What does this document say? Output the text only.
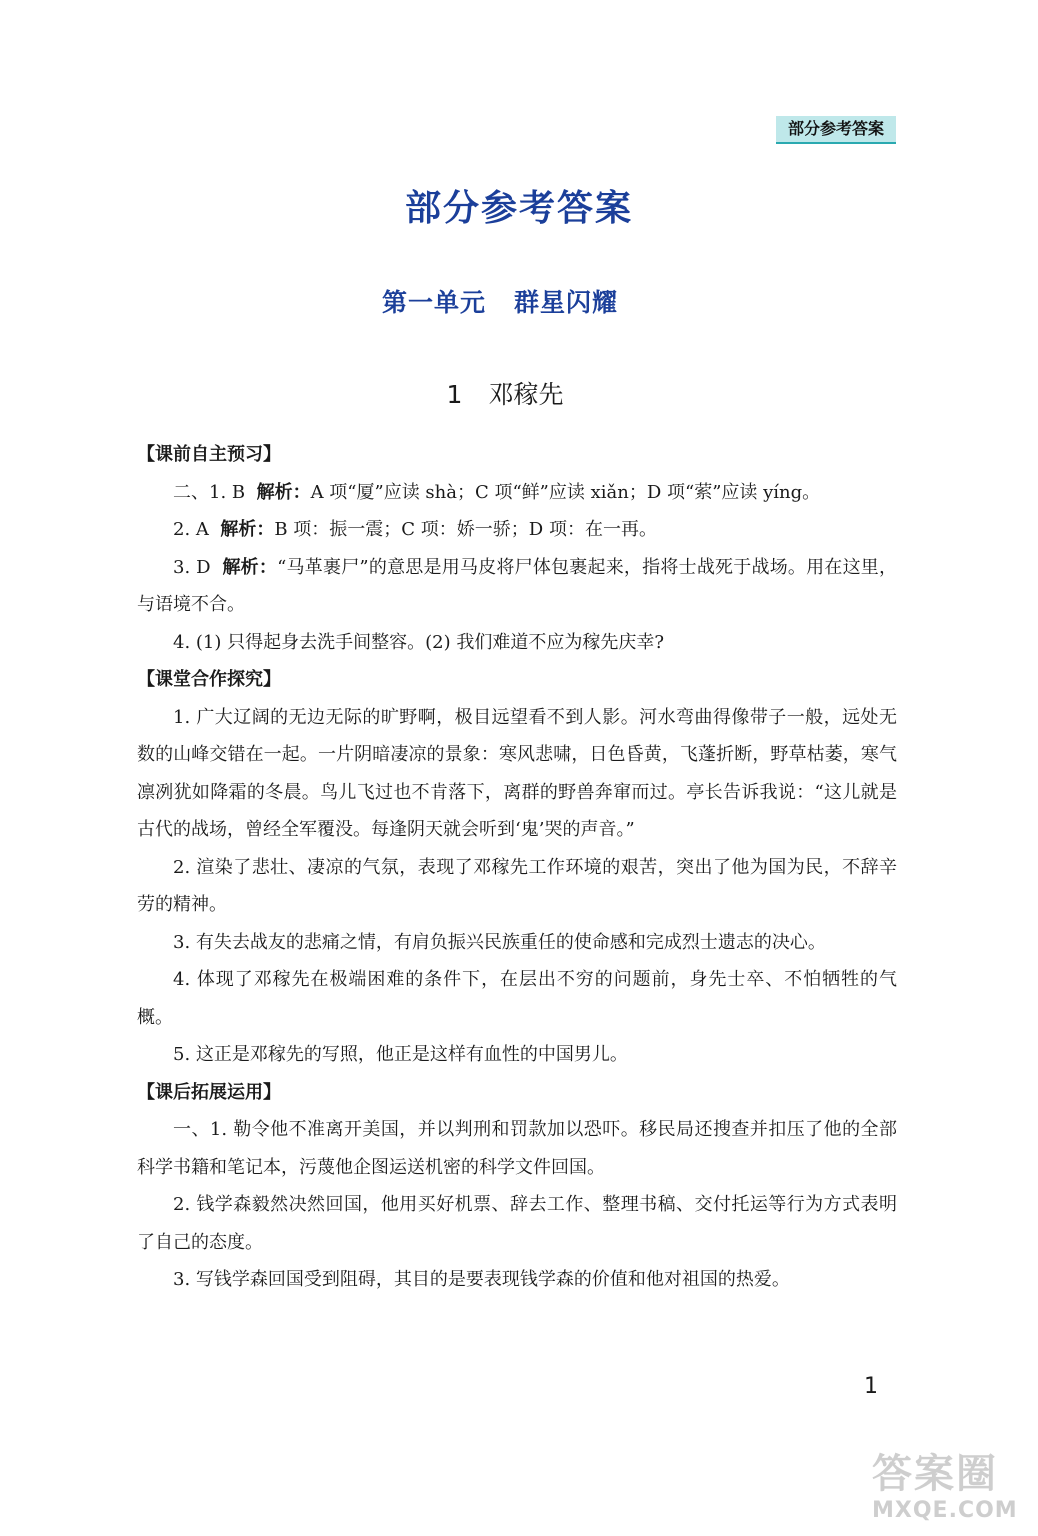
部分参考答案
部分参考答案
第一单元 群星闪耀
1 邓稼先

【课前自主预习】

二、1. B 解析：A 项“厦”应读 shà；C 项“鲜”应读 xiǎn；D 项“萦”应读 yíng。

2. A 解析：B 项：振一震；C 项：娇一骄；D 项：在一再。

3. D 解析：“马革裹尸”的意思是用马皮将尸体包裹起来，指将士战死于战场。用在这里，与语境不合。

4. (1) 只得起身去洗手间整容。(2) 我们难道不应为稼先庆幸?

【课堂合作探究】

1. 广大辽阔的无边无际的旷野啊，极目远望看不到人影。河水弯曲得像带子一般，远处无数的山峰交错在一起。一片阴暗凄凉的景象：寒风悲啸，日色昏黄，飞蓬折断，野草枯萎，寒气凛冽犹如降霜的冬晨。鸟儿飞过也不肯落下，离群的野兽奔窜而过。亭长告诉我说：“这儿就是古代的战场，曾经全军覆没。每逢阴天就会听到‘鬼’哭的声音。”

2. 渲染了悲壮、凄凉的气氛，表现了邓稼先工作环境的艰苦，突出了他为国为民，不辞辛劳的精神。

3. 有失去战友的悲痛之情，有肩负振兴民族重任的使命感和完成烈士遗志的决心。

4. 体现了邓稼先在极端困难的条件下，在层出不穷的问题前，身先士卒、不怕牺牲的气概。

5. 这正是邓稼先的写照，他正是这样有血性的中国男儿。

【课后拓展运用】

一、1. 勒令他不准离开美国，并以判刑和罚款加以恐吓。移民局还搜查并扣压了他的全部科学书籍和笔记本，污蔑他企图运送机密的科学文件回国。

2. 钱学森毅然决然回国，他用买好机票、辞去工作、整理书稿、交付托运等行为方式表明了自己的态度。

3. 写钱学森回国受到阻碍，其目的是要表现钱学森的价值和他对祖国的热爱。

1
答案圈
MXQE.COM
